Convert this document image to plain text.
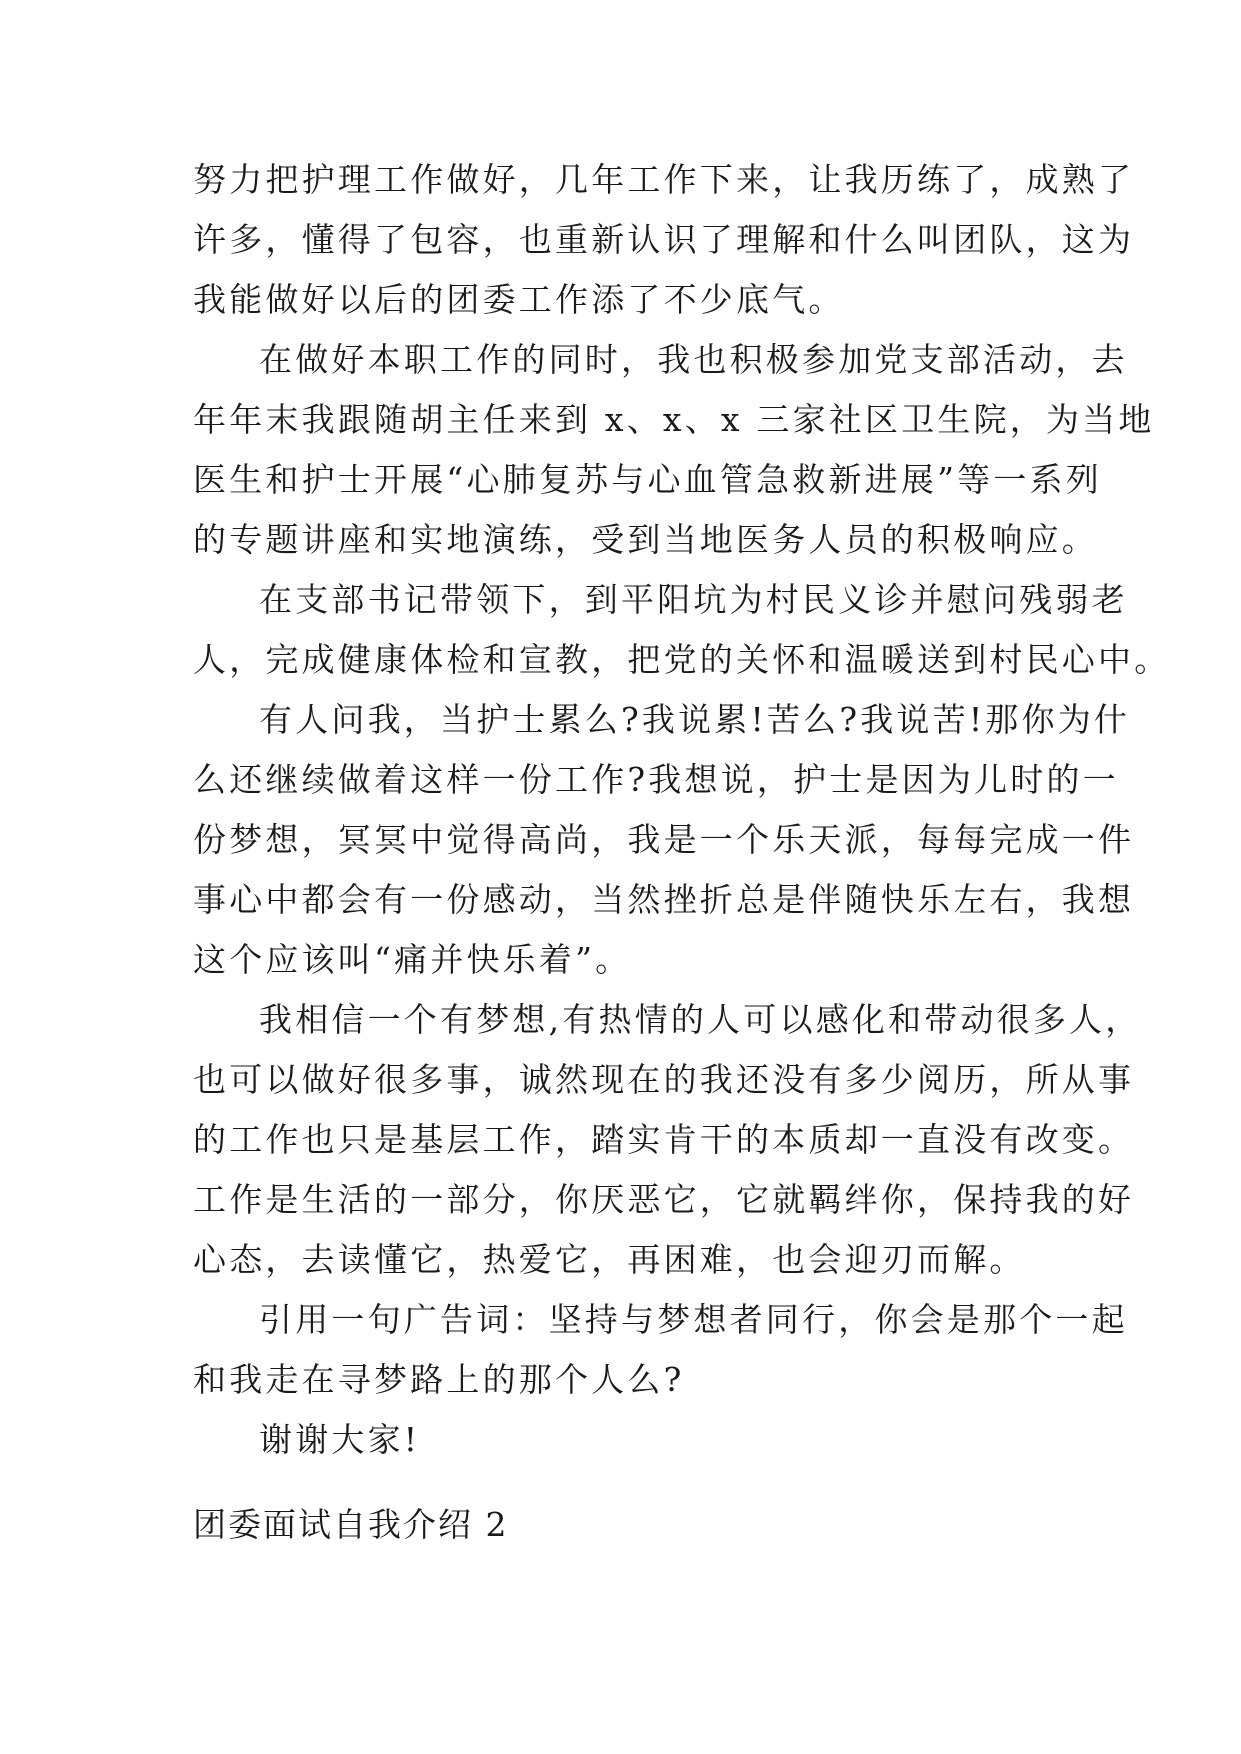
努力把护理工作做好，几年工作下来，让我历练了，成熟了
许多，懂得了包容，也重新认识了理解和什么叫团队，这为
我能做好以后的团委工作添了不少底气。
在做好本职工作的同时，我也积极参加党支部活动，去
年年末我跟随胡主任来到 x、x、x 三家社区卫生院，为当地
医生和护士开展“心肺复苏与心血管急救新进展”等一系列
的专题讲座和实地演练，受到当地医务人员的积极响应。
在支部书记带领下，到平阳坑为村民义诊并慰问残弱老
人，完成健康体检和宣教，把党的关怀和温暖送到村民心中。
有人问我，当护士累么?我说累!苦么?我说苦!那你为什
么还继续做着这样一份工作?我想说，护士是因为儿时的一
份梦想，冥冥中觉得高尚，我是一个乐天派，每每完成一件
事心中都会有一份感动，当然挫折总是伴随快乐左右，我想
这个应该叫“痛并快乐着”。
我相信一个有梦想,有热情的人可以感化和带动很多人，
也可以做好很多事，诚然现在的我还没有多少阅历，所从事
的工作也只是基层工作，踏实肯干的本质却一直没有改变。
工作是生活的一部分，你厌恶它，它就羁绊你，保持我的好
心态，去读懂它，热爱它，再困难，也会迎刃而解。
引用一句广告词：坚持与梦想者同行，你会是那个一起
和我走在寻梦路上的那个人么?
谢谢大家!
团委面试自我介绍 2
